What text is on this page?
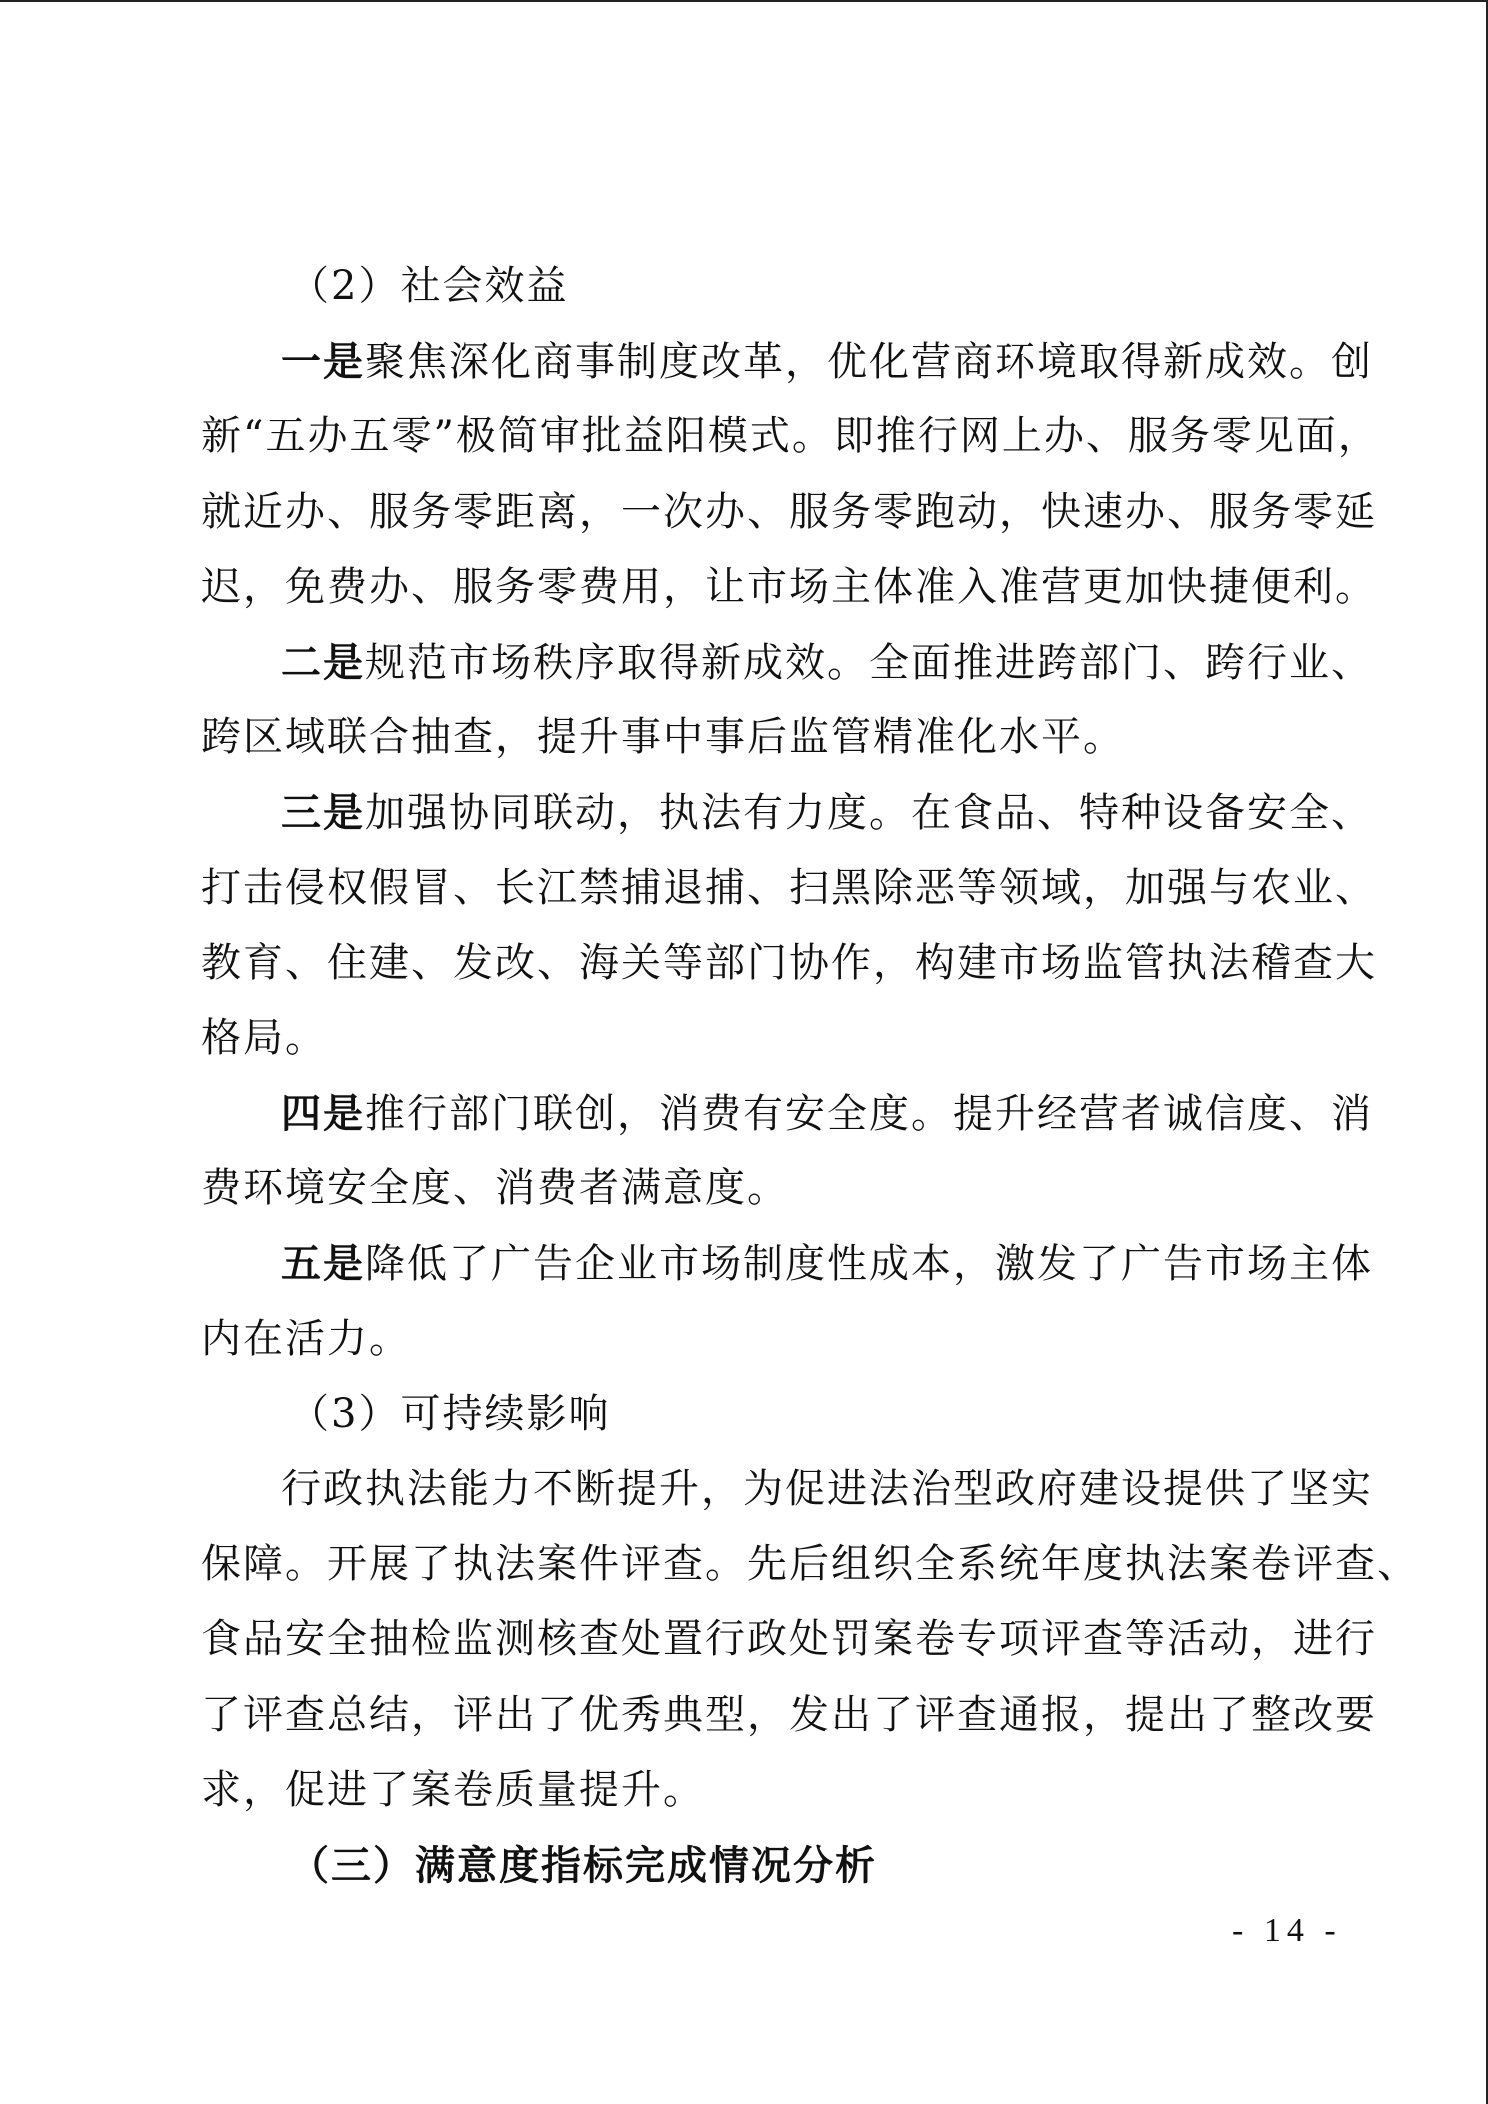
（2）社会效益
一是聚焦深化商事制度改革，优化营商环境取得新成效。创
新“五办五零”极简审批益阳模式。即推行网上办、服务零见面，
就近办、服务零距离，一次办、服务零跑动，快速办、服务零延
迟，免费办、服务零费用，让市场主体准入准营更加快捷便利。
二是规范市场秩序取得新成效。全面推进跨部门、跨行业、
跨区域联合抽查，提升事中事后监管精准化水平。
三是加强协同联动，执法有力度。在食品、特种设备安全、
打击侵权假冒、长江禁捕退捕、扫黑除恶等领域，加强与农业、
教育、住建、发改、海关等部门协作，构建市场监管执法稽查大
格局。
四是推行部门联创，消费有安全度。提升经营者诚信度、消
费环境安全度、消费者满意度。
五是降低了广告企业市场制度性成本，激发了广告市场主体
内在活力。
（3）可持续影响
行政执法能力不断提升，为促进法治型政府建设提供了坚实
保障。开展了执法案件评查。先后组织全系统年度执法案卷评查、
食品安全抽检监测核查处置行政处罚案卷专项评查等活动，进行
了评查总结，评出了优秀典型，发出了评查通报，提出了整改要
求，促进了案卷质量提升。
（三）满意度指标完成情况分析
- 14 -
